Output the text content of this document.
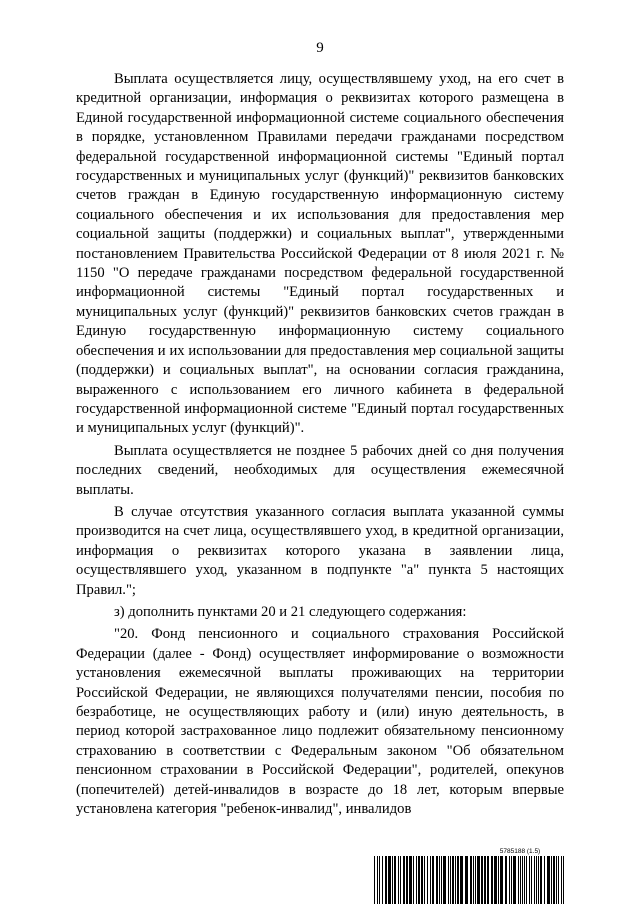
9

Выплата осуществляется лицу, осуществлявшему уход, на его счет в кредитной организации, информация о реквизитах которого размещена в Единой государственной информационной системе социального обеспечения в порядке, установленном Правилами передачи гражданами посредством федеральной государственной информационной системы "Единый портал государственных и муниципальных услуг (функций)" реквизитов банковских счетов граждан в Единую государственную информационную систему социального обеспечения и их использования для предоставления мер социальной защиты (поддержки) и социальных выплат", утвержденными постановлением Правительства Российской Федерации от 8 июля 2021 г. № 1150 "О передаче гражданами посредством федеральной государственной информационной системы "Единый портал государственных и муниципальных услуг (функций)" реквизитов банковских счетов граждан в Единую государственную информационную систему социального обеспечения и их использовании для предоставления мер социальной защиты (поддержки) и социальных выплат", на основании согласия гражданина, выраженного с использованием его личного кабинета в федеральной государственной информационной системе "Единый портал государственных и муниципальных услуг (функций)".

Выплата осуществляется не позднее 5 рабочих дней со дня получения последних сведений, необходимых для осуществления ежемесячной выплаты.

В случае отсутствия указанного согласия выплата указанной суммы производится на счет лица, осуществлявшего уход, в кредитной организации, информация о реквизитах которого указана в заявлении лица, осуществлявшего уход, указанном в подпункте "а" пункта 5 настоящих Правил.";

з) дополнить пунктами 20 и 21 следующего содержания:

"20. Фонд пенсионного и социального страхования Российской Федерации (далее - Фонд) осуществляет информирование о возможности установления ежемесячной выплаты проживающих на территории Российской Федерации, не являющихся получателями пенсии, пособия по безработице, не осуществляющих работу и (или) иную деятельность, в период которой застрахованное лицо подлежит обязательному пенсионному страхованию в соответствии с Федеральным законом "Об обязательном пенсионном страховании в Российской Федерации", родителей, опекунов (попечителей) детей-инвалидов в возрасте до 18 лет, которым впервые установлена категория "ребенок-инвалид", инвалидов

5785188 (1.5)
